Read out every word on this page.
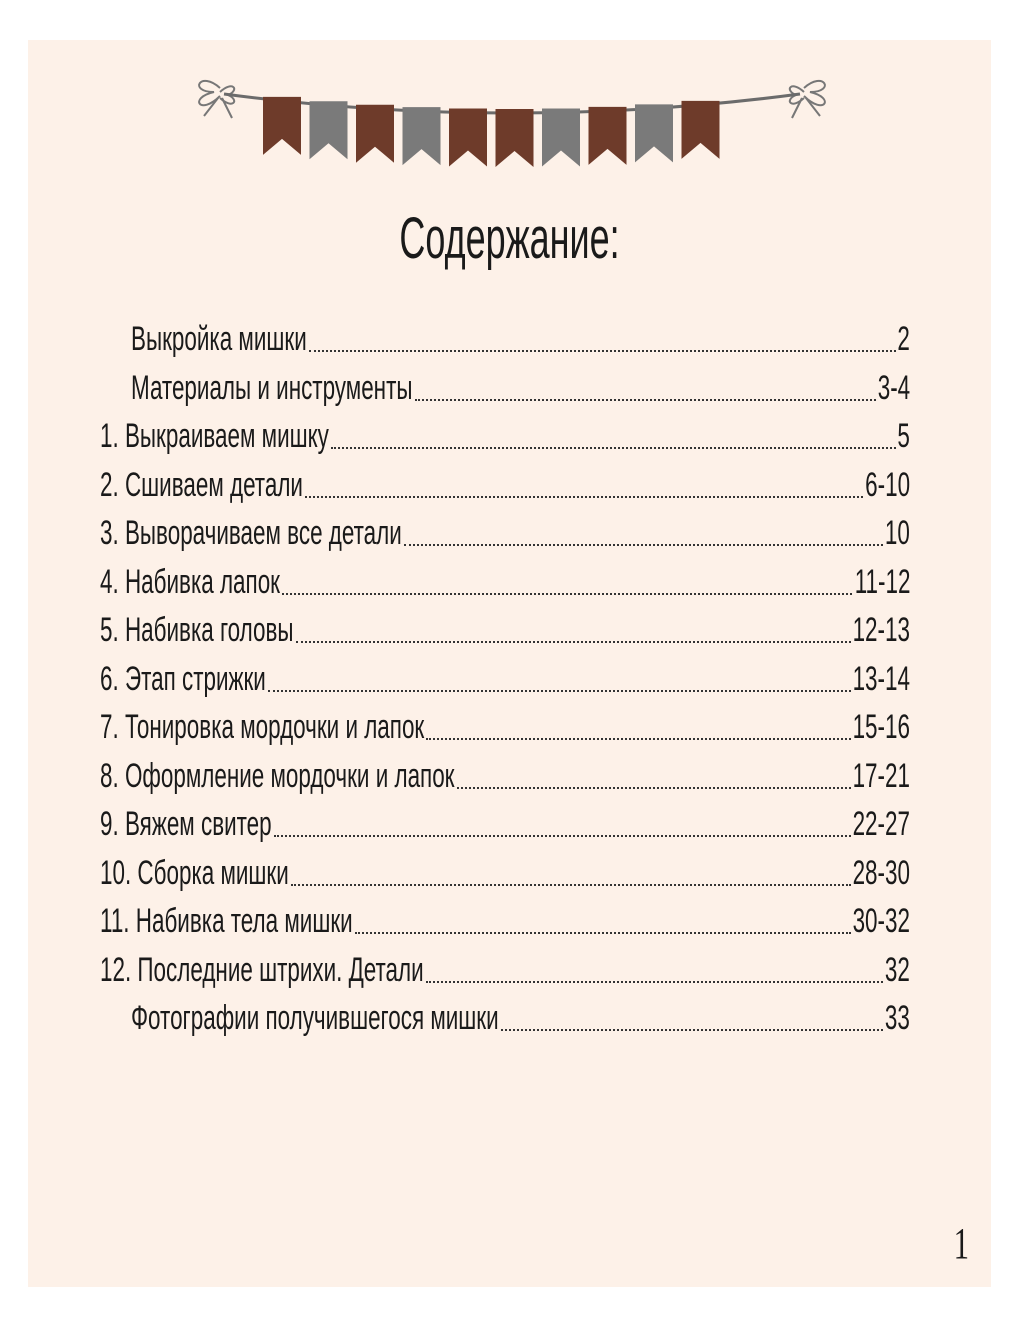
Содержание:
Выкройка мишки	2
Материалы и инструменты	3-4
1. Выкраиваем мишку	5
2. Сшиваем детали	6-10
3. Выворачиваем все детали	10
4. Набивка лапок	11-12
5. Набивка головы	12-13
6. Этап стрижки	13-14
7. Тонировка мордочки и лапок	15-16
8. Оформление мордочки и лапок	17-21
9. Вяжем свитер	22-27
10. Сборка мишки	28-30
11. Набивка тела мишки	30-32
12. Последние штрихи. Детали	32
Фотографии получившегося мишки	33
1
